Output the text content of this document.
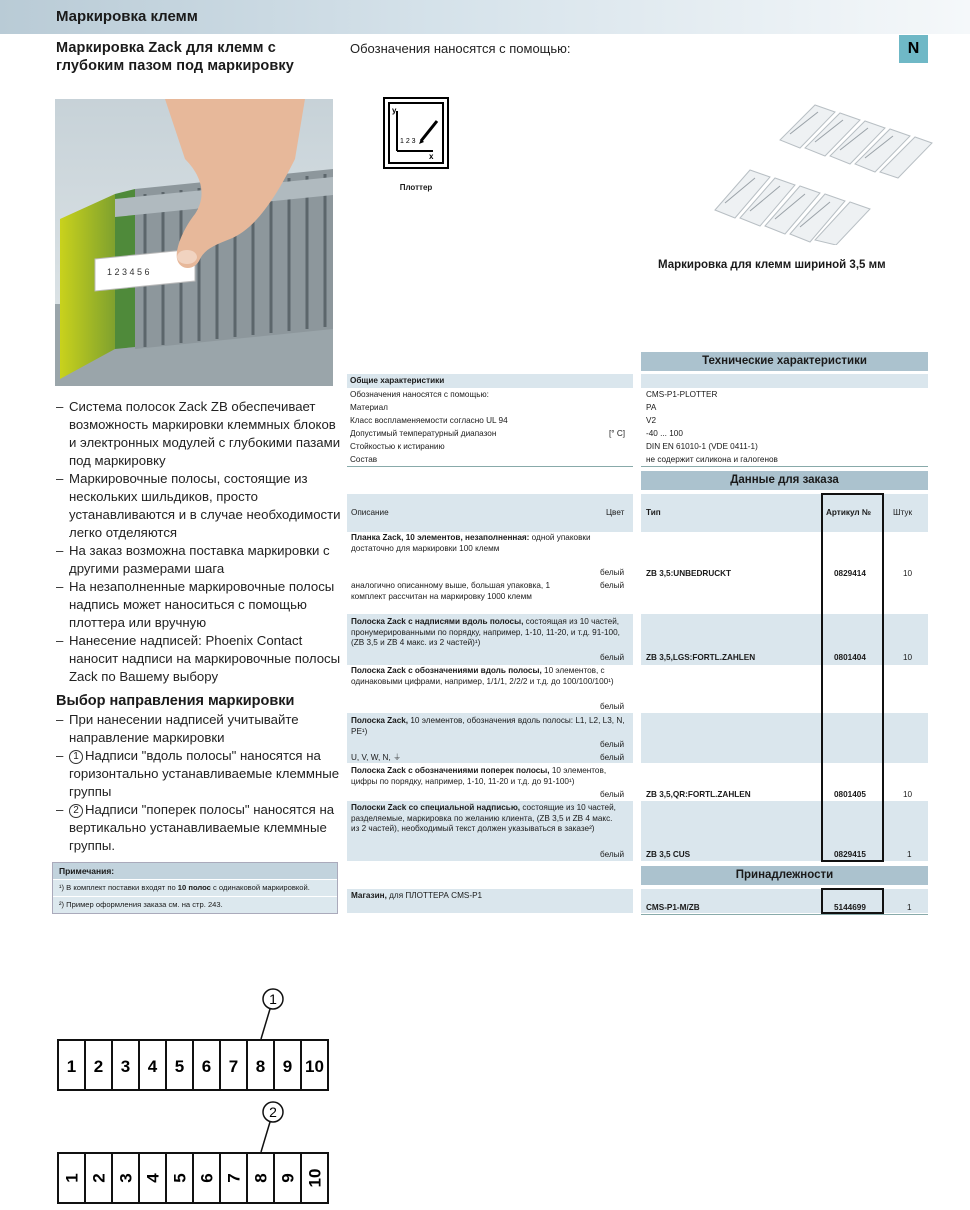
Маркировка клемм
N
Маркировка Zack для клемм с глубоким пазом под маркировку
Обозначения наносятся с помощью:
1 2 3 4 5 6
y
x
1 2 3
Плоттер
Маркировка для клемм шириной 3,5 мм
– Система полосок Zack ZB обеспечивает возможность маркировки клеммных блоков и электронных модулей с глубокими пазами под маркировку
– Маркировочные полосы, состоящие из нескольких шильдиков, просто устанавливаются и в случае необходимости легко отделяются
– На заказ возможна поставка маркировки с другими размерами шага
– На незаполненные маркировочные полосы надпись может наноситься с помощью плоттера или вручную
– Нанесение надписей: Phoenix Contact наносит надписи на маркировочные полосы Zack по Вашему выбору
Выбор направления маркировки
– При нанесении надписей учитывайте направление маркировки
– 1 Надписи "вдоль полосы" наносятся на горизонтально устанавливаемые клеммные группы
– 2 Надписи "поперек полосы" наносятся на вертикально устанавливаемые клеммные группы.
Примечания:
¹) В комплект поставки входят по 10 полос с одинаковой маркировкой.
²) Пример оформления заказа см. на стр. 243.
Технические характеристики
Общие характеристики
Обозначения наносятся с помощью:	CMS-P1-PLOTTER
Материал	PA
Класс воспламеняемости согласно UL 94	V2
Допустимый температурный диапазон	[° C]	-40 ... 100
Стойкостью к истиранию	DIN EN 61010-1 (VDE 0411-1)
Состав	не содержит силикона и галогенов
Данные для заказа
Описание	Цвет	Тип	Артикул №	Штук
Планка Zack, 10 элементов, незаполненная: одной упаковки достаточно для маркировки 100 клемм
белый	ZB 3,5:UNBEDRUCKT	0829414	10
аналогично описанному выше, большая упаковка, 1 комплект рассчитан на маркировку 1000 клемм
белый
Полоска Zack с надписями вдоль полосы, состоящая из 10 частей, пронумерированными по порядку, например, 1-10, 11-20, и т.д. 91-100, (ZB 3,5 и ZB 4 макс. из 2 частей)¹)
белый	ZB 3,5,LGS:FORTL.ZAHLEN	0801404	10
Полоска Zack с обозначениями вдоль полосы, 10 элементов, с одинаковыми цифрами, например, 1/1/1, 2/2/2 и т.д. до 100/100/100¹)
белый
Полоска Zack, 10 элементов, обозначения вдоль полосы: L1, L2, L3, N, PE¹)
белый
U, V, W, N, ⏚	белый
Полоска Zack с обозначениями поперек полосы, 10 элементов, цифры по порядку, например, 1-10, 11-20 и т.д. до 91-100¹)
белый	ZB 3,5,QR:FORTL.ZAHLEN	0801405	10
Полоски Zack со специальной надписью, состоящие из 10 частей, разделяемые, маркировка по желанию клиента, (ZB 3,5 и ZB 4 макс. из 2 частей), необходимый текст должен указываться в заказе²)
белый	ZB 3,5 CUS	0829415	1
Принадлежности
Магазин, для ПЛОТТЕРА CMS-P1
CMS-P1-M/ZB	5144699	1
1
1 2 3 4 5 6 7 8 9 10
2
1 2 3 4 5 6 7 8 9 10
